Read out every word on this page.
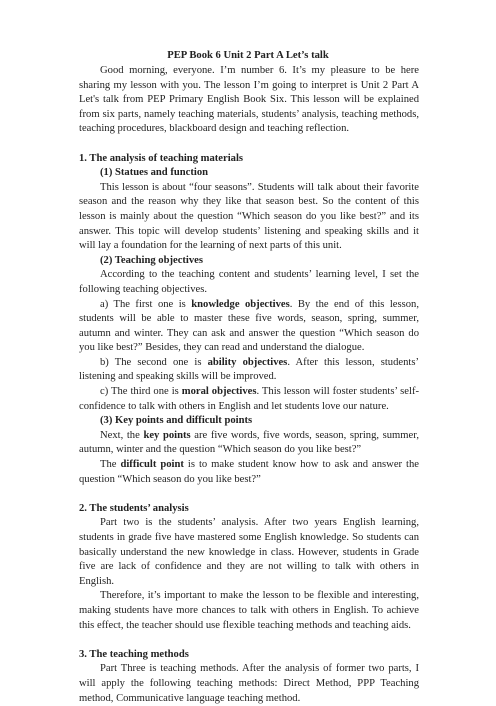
PEP Book 6 Unit 2 Part A Let’s talk

Good morning, everyone. I’m number 6. It’s my pleasure to be here sharing my lesson with you. The lesson I’m going to interpret is Unit 2 Part A Let's talk from PEP Primary English Book Six. This lesson will be explained from six parts, namely teaching materials, students’ analysis, teaching methods, teaching procedures, blackboard design and teaching reflection.

1. The analysis of teaching materials

(1) Statues and function

This lesson is about “four seasons”. Students will talk about their favorite season and the reason why they like that season best. So the content of this lesson is mainly about the question “Which season do you like best?” and its answer. This topic will develop students’ listening and speaking skills and it will lay a foundation for the learning of next parts of this unit.

(2) Teaching objectives

According to the teaching content and students’ learning level, I set the following teaching objectives.

a) The first one is knowledge objectives. By the end of this lesson, students will be able to master these five words, season, spring, summer, autumn and winter. They can ask and answer the question “Which season do you like best?” Besides, they can read and understand the dialogue.

b) The second one is ability objectives. After this lesson, students’ listening and speaking skills will be improved.

c) The third one is moral objectives. This lesson will foster students’ self-confidence to talk with others in English and let students love our nature.

(3) Key points and difficult points

Next, the key points are five words, five words, season, spring, summer, autumn, winter and the question “Which season do you like best?”

The difficult point is to make student know how to ask and answer the question “Which season do you like best?”

2. The students’ analysis

Part two is the students’ analysis. After two years English learning, students in grade five have mastered some English knowledge. So students can basically understand the new knowledge in class. However, students in Grade five are lack of confidence and they are not willing to talk with others in English.

Therefore, it’s important to make the lesson to be flexible and interesting, making students have more chances to talk with others in English. To achieve this effect, the teacher should use flexible teaching methods and teaching aids.

3. The teaching methods

Part Three is teaching methods. After the analysis of former two parts, I will apply the following teaching methods: Direct Method, PPP Teaching method, Communicative language teaching method.
